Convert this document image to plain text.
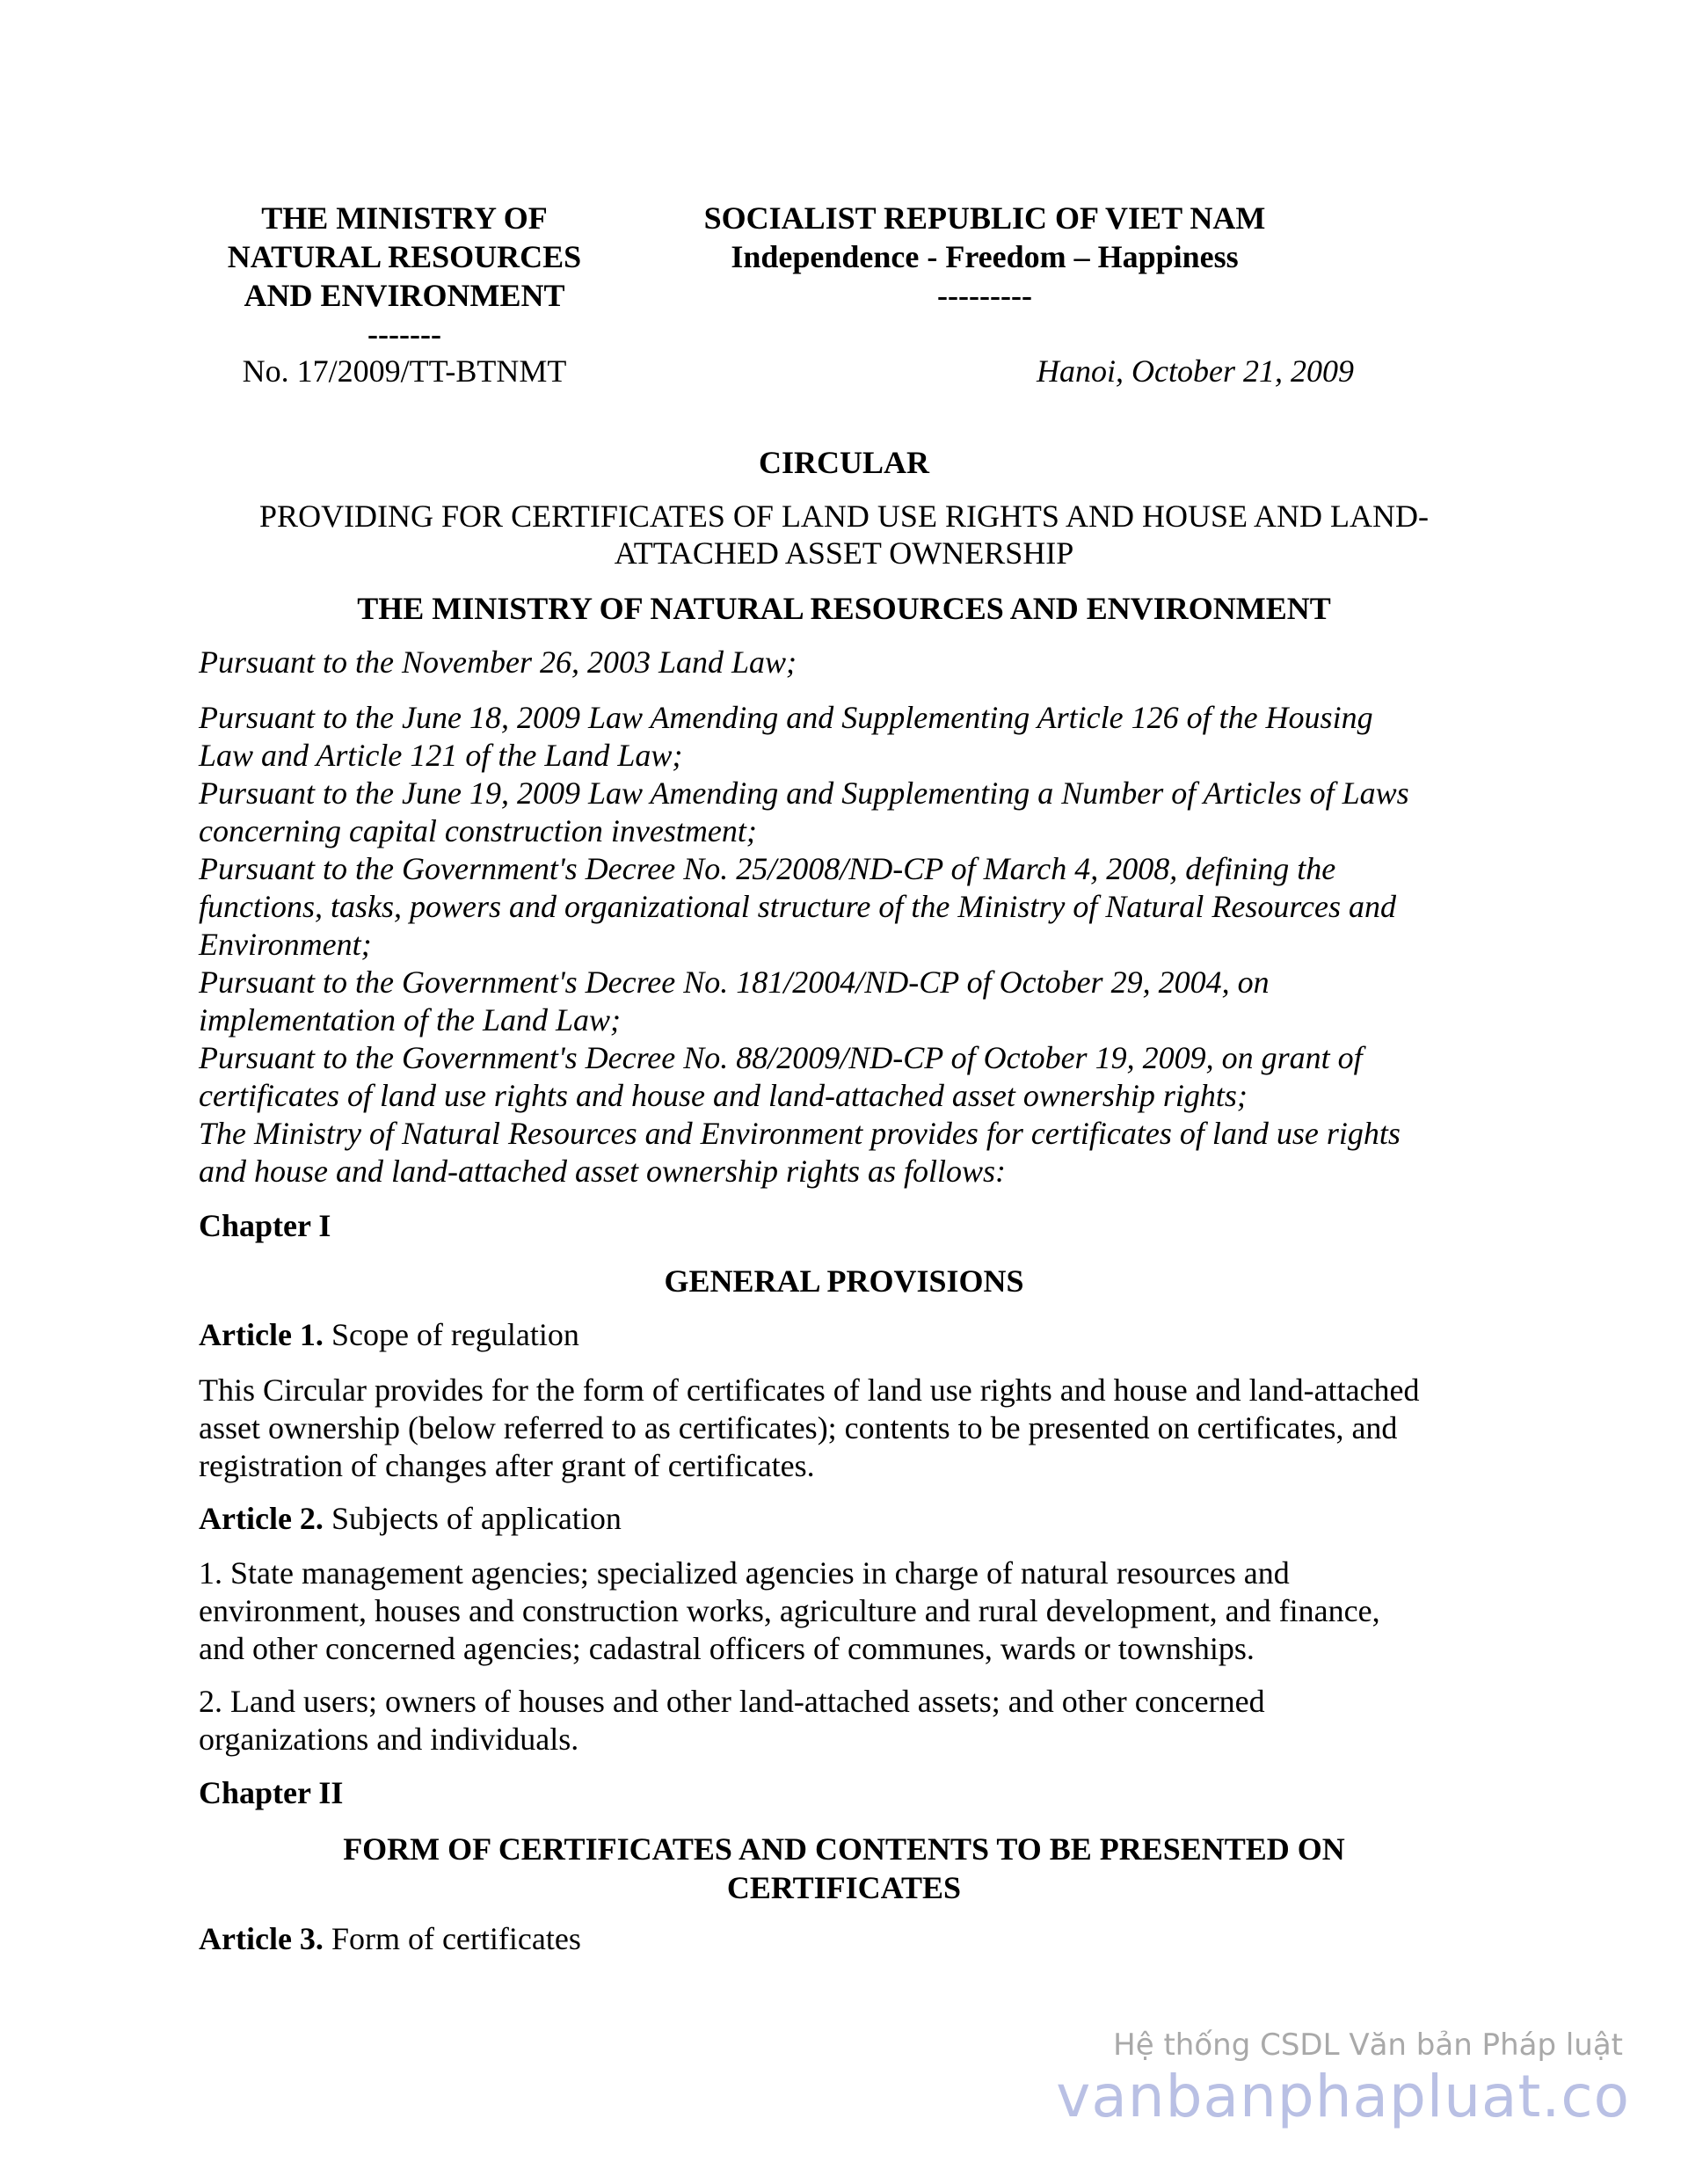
THE MINISTRY OF
NATURAL RESOURCES
AND ENVIRONMENT
-------
SOCIALIST REPUBLIC OF VIET NAM
Independence - Freedom – Happiness
---------
No. 17/2009/TT-BTNMT	Hanoi, October 21, 2009
CIRCULAR
PROVIDING FOR CERTIFICATES OF LAND USE RIGHTS AND HOUSE AND LAND-
ATTACHED ASSET OWNERSHIP
THE MINISTRY OF NATURAL RESOURCES AND ENVIRONMENT
Pursuant to the November 26, 2003 Land Law;
Pursuant to the June 18, 2009 Law Amending and Supplementing Article 126 of the Housing
Law and Article 121 of the Land Law;
Pursuant to the June 19, 2009 Law Amending and Supplementing a Number of Articles of Laws
concerning capital construction investment;
Pursuant to the Government's Decree No. 25/2008/ND-CP of March 4, 2008, defining the
functions, tasks, powers and organizational structure of the Ministry of Natural Resources and
Environment;
Pursuant to the Government's Decree No. 181/2004/ND-CP of October 29, 2004, on
implementation of the Land Law;
Pursuant to the Government's Decree No. 88/2009/ND-CP of October 19, 2009, on grant of
certificates of land use rights and house and land-attached asset ownership rights;
The Ministry of Natural Resources and Environment provides for certificates of land use rights
and house and land-attached asset ownership rights as follows:
Chapter I
GENERAL PROVISIONS
Article 1. Scope of regulation
This Circular provides for the form of certificates of land use rights and house and land-attached
asset ownership (below referred to as certificates); contents to be presented on certificates, and
registration of changes after grant of certificates.
Article 2. Subjects of application
1. State management agencies; specialized agencies in charge of natural resources and
environment, houses and construction works, agriculture and rural development, and finance,
and other concerned agencies; cadastral officers of communes, wards or townships.
2. Land users; owners of houses and other land-attached assets; and other concerned
organizations and individuals.
Chapter II
FORM OF CERTIFICATES AND CONTENTS TO BE PRESENTED ON
CERTIFICATES
Article 3. Form of certificates
Hệ thống CSDL Văn bản Pháp luật
vanbanphapluat.co
